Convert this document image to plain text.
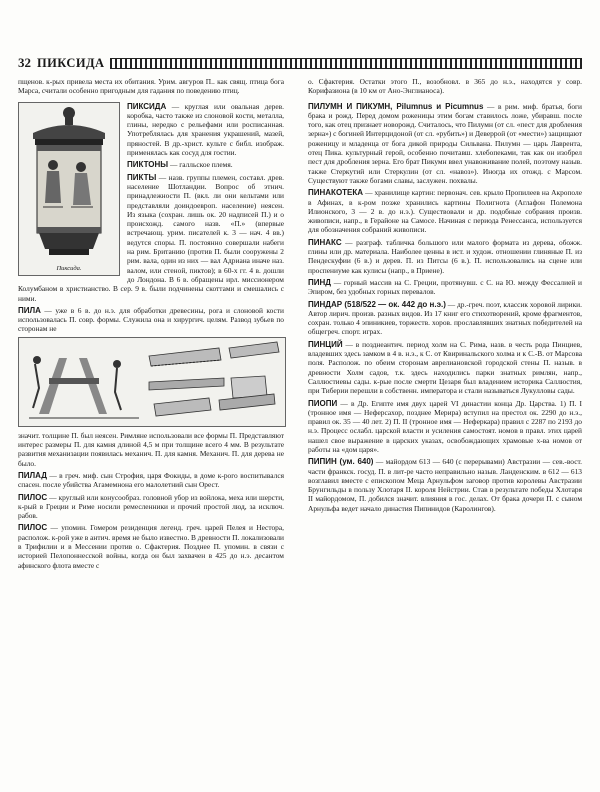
32 ПИКСИДА

пщенов. к-рых привела места их обитания. Урим. авгуров П.. как свящ. птица бога Марса, считали особенно пригодным для гадания по поведению птиц.

Пиксида.

ПИКСИДА — круглая или овальная дерев. коробка, часто также из слоновой кости, металла, глины, нередко с рельефами или росписанная. Употреблялась для хранения украшений, мазей, пряностей. В др.-христ. культе с библ. изображ. применялась как сосуд для гостии.

ПИКТОНЫ — галльское племя.

ПИКТЫ — назв. группы племен, составл. древ. население Шотландии. Вопрос об этнич. принадлежности П. (вкл. ли они кельтами или представляли доиндоевроп. население) неясен. Из языка (сохран. лишь ок. 20 надписей П.) и о происхожд. самого назв. «П.» (впервые встречающ. урим. писателей к. 3 — нач. 4 вв.) ведутся споры. П. постоянно совершали набеги на рим. Британию (против П. были сооружены 2 рим. вала, один из них — вал Адриана иначе наз. валом, или стеной, пиктов); в 60-х гг. 4 в. дошли до Лондона. В 6 в. обращены ирл. миссионером Колумбаном в христианство. В сер. 9 в. были подчинены скоттами и смешались с ними.

ПИЛА — уже в 6 в. до н.э. для обработки древесины, рога и слоновой кости использовалась П. совр. формы. Служила она и хирургич. целям. Развод зубьев по сторонам не

значит. толщине П. был неясен. Римляне использовали все формы П. Представляют интерес размеры П. для камня длиной 4,5 м при толщине всего 4 мм. В результате развития механизации появилась механич. П. для камня. Механич. П. для дерева не было.

ПИЛАД — в греч. миф. сын Строфия, царя Фокиды, в доме к-рого воспитывался спасен. после убийства Агамемнона его малолетний сын Орест.

ПИЛОС — круглый или конусообраз. головной убор из войлока, меха или шерсти, к-рый в Греции и Риме носили ремесленники и прочий простой люд, за исключ. рабов.

ПИЛОС — упомин. Гомером резиденция легенд. греч. царей Пелея и Нестора, располож. к-рой уже в антич. время не было известно. В древности П. локализовали в Трифилии и в Мессении против о. Сфактерия. Позднее П. упомин. в связи с историей Пелопоннесской войны, когда он был захвачен в 425 до н.э. десантом афинского флота вместе с

о. Сфактерия. Остатки этого П., возобновл. в 365 до н.э., находятся у совр. Корифазиона (в 10 км от Ано-Энглианоса).

ПИЛУМН И ПИКУМН, Pilumnus и Picumnus — в рим. миф. братья, боги брака и рожд. Перед домом роженицы этим богам ставилось ложе, убиравш. после того, как отец признает новорожд. Считалось, что Пилумн (от сл. «пест для дробления зерна») с богиней Интерцидоной (от сл. «рубить») и Деверрой (от «мести») защищают роженицу и младенца от бога дикой природы Сильвана. Пилумн — царь Лаврента, отец Пикa. культурный герой, особенно почитавш. хлебопеками, так как он изобрел пест для дробления зерна. Его брат Пикумн ввел унавоживание полей, поэтому назыв. также Стеркутий или Стеркулин (от сл. «навоз»). Иногда их отожд. с Марсом. Существуют также богами славы, заслужен. похвалы.

ПИНАКОТЕКА — хранилище картин: первонач. сев. крыло Пропилеев на Акрополе в Афинах, в к-ром позже хранились картины Полигнота (Аглафон Полемона Илионского, 3 — 2 в. до н.э.). Существовали и др. подобные собрания произв. живописи, напр., в Герайоне на Самосе. Начиная с периода Ренессанса, используется для обозначения собраний живописи.

ПИНАКС — разграф. табличка большого или малого формата из дерева, обожж. глины или др. материала. Наиболее ценны в ист. и худож. отношении глиняные П. из Пендескуфии (6 в.) и дерев. П. из Питсы (6 в.). П. использовались на сцене или проспениуме как кулисы (напр., в Приене).

ПИНД — горный массив на С. Греции, протянувш. с С. на Ю. между Фессалией и Эпиром, без удобных горных перевалов.

ПИНДАР (518/522 — ок. 442 до н.э.) — др.-греч. поэт, классик хоровой лирики. Автор лирич. произв. разных видов. Из 17 книг его стихотворений, кроме фрагментов, сохран. только 4 эпиникиев, торжеств. хоров. прославлявших знатных победителей на общегреч. спорт. играх.

ПИНЦИЙ — в позднеантич. период холм на С. Рима, назв. в честь рода Пинциев, владевших здесь замком в 4 в. н.э., к С. от Квиринальского холма и к С.-В. от Марсова поля. Располож. по обеим сторонам аврелиановской городской стены П. назыв. в древности Холм садов, т.к. здесь находились парки знатных римлян, напр., Саллюстиевы сады. к-рые после смерти Цезаря был владением историка Саллюстия, при Тиберии перешли в собственн. императора и стали называться Лукулловы сады.

ПИОПИ — в Др. Египте имя двух царей VI династии конца Др. Царства. 1) П. I (тронное имя — Неферсахор, позднее Мерира) вступил на престол ок. 2290 до н.э., правил ок. 35 — 40 лет. 2) П. II (тронное имя — Неферкара) правил с 2287 по 2193 до н.э. Процесс ослабл. царской власти и усиления самостоят. номов в правл. этих царей нашел свое выражение в царских указах, освобождающих храмовые х-ва номов от работы на «дом царя».

ПИПИН (ум. 640) — майордом 613 — 640 (с перерывами) Австразии — сев.-вост. части франкск. госуд. П. в лит-ре часто неправильно назыв. Ланденским. в 612 — 613 возглавил вместе с епископом Меца Арнульфом заговор против королевы Австразии Брунгильды в пользу Хлотаря II. короля Нейстрии. Став в результате победы Хлотаря II майордомом, П. добился значит. влияния в гос. делах. От брака дочери П. с сыном Арнульфа ведет начало династия Пипинидов (Каролингов).
